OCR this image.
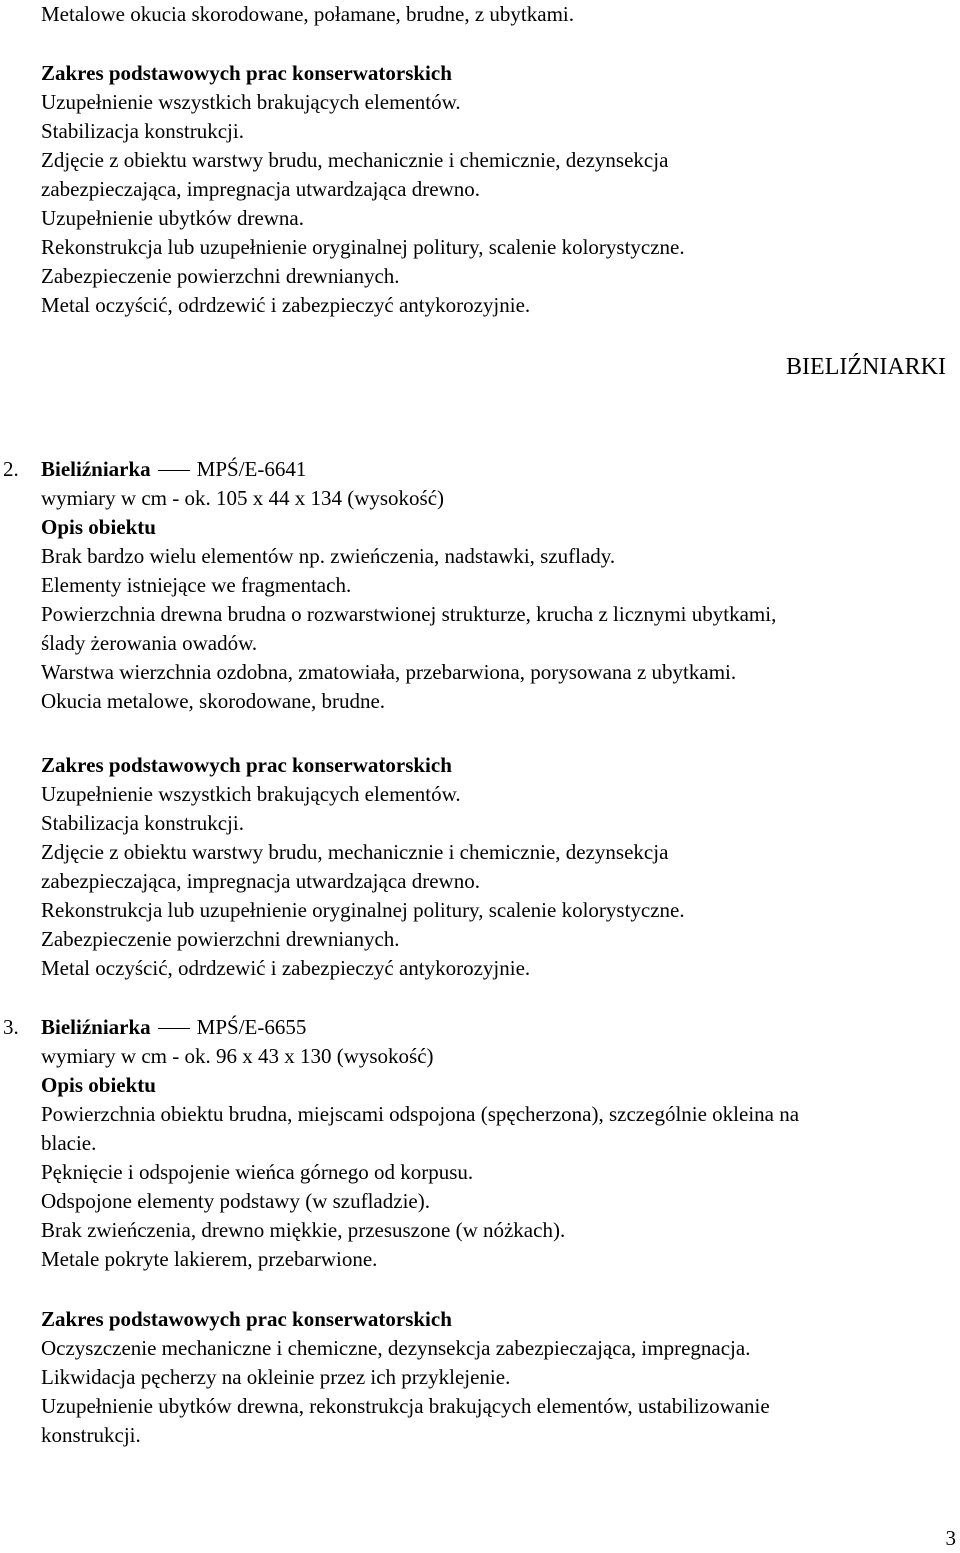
Metalowe okucia skorodowane, połamane, brudne, z ubytkami.
Zakres podstawowych prac konserwatorskich
Uzupełnienie wszystkich brakujących elementów.
Stabilizacja konstrukcji.
Zdjęcie z obiektu warstwy brudu, mechanicznie i chemicznie, dezynsekcja
zabezpieczająca, impregnacja utwardzająca drewno.
Uzupełnienie ubytków drewna.
Rekonstrukcja lub uzupełnienie oryginalnej politury, scalenie kolorystyczne.
Zabezpieczenie powierzchni drewnianych.
Metal oczyścić, odrdzewić i zabezpieczyć antykorozyjnie.
BIELIŹNIARKI
2. Bieliźniarka MPŚ/E-6641
wymiary w cm - ok. 105 x 44 x 134 (wysokość)
Opis obiektu
Brak bardzo wielu elementów np. zwieńczenia, nadstawki, szuflady.
Elementy istniejące we fragmentach.
Powierzchnia drewna brudna o rozwarstwionej strukturze, krucha z licznymi ubytkami,
ślady żerowania owadów.
Warstwa wierzchnia ozdobna, zmatowiała, przebarwiona, porysowana z ubytkami.
Okucia metalowe, skorodowane, brudne.
Zakres podstawowych prac konserwatorskich
Uzupełnienie wszystkich brakujących elementów.
Stabilizacja konstrukcji.
Zdjęcie z obiektu warstwy brudu, mechanicznie i chemicznie, dezynsekcja
zabezpieczająca, impregnacja utwardzająca drewno.
Rekonstrukcja lub uzupełnienie oryginalnej politury, scalenie kolorystyczne.
Zabezpieczenie powierzchni drewnianych.
Metal oczyścić, odrdzewić i zabezpieczyć antykorozyjnie.
3. Bieliźniarka MPŚ/E-6655
wymiary w cm - ok. 96 x 43 x 130 (wysokość)
Opis obiektu
Powierzchnia obiektu brudna, miejscami odspojona (spęcherzona), szczególnie okleina na
blacie.
Pęknięcie i odspojenie wieńca górnego od korpusu.
Odspojone elementy podstawy (w szufladzie).
Brak zwieńczenia, drewno miękkie, przesuszone (w nóżkach).
Metale pokryte lakierem, przebarwione.
Zakres podstawowych prac konserwatorskich
Oczyszczenie mechaniczne i chemiczne, dezynsekcja zabezpieczająca, impregnacja.
Likwidacja pęcherzy na okleinie przez ich przyklejenie.
Uzupełnienie ubytków drewna, rekonstrukcja brakujących elementów, ustabilizowanie
konstrukcji.
3
